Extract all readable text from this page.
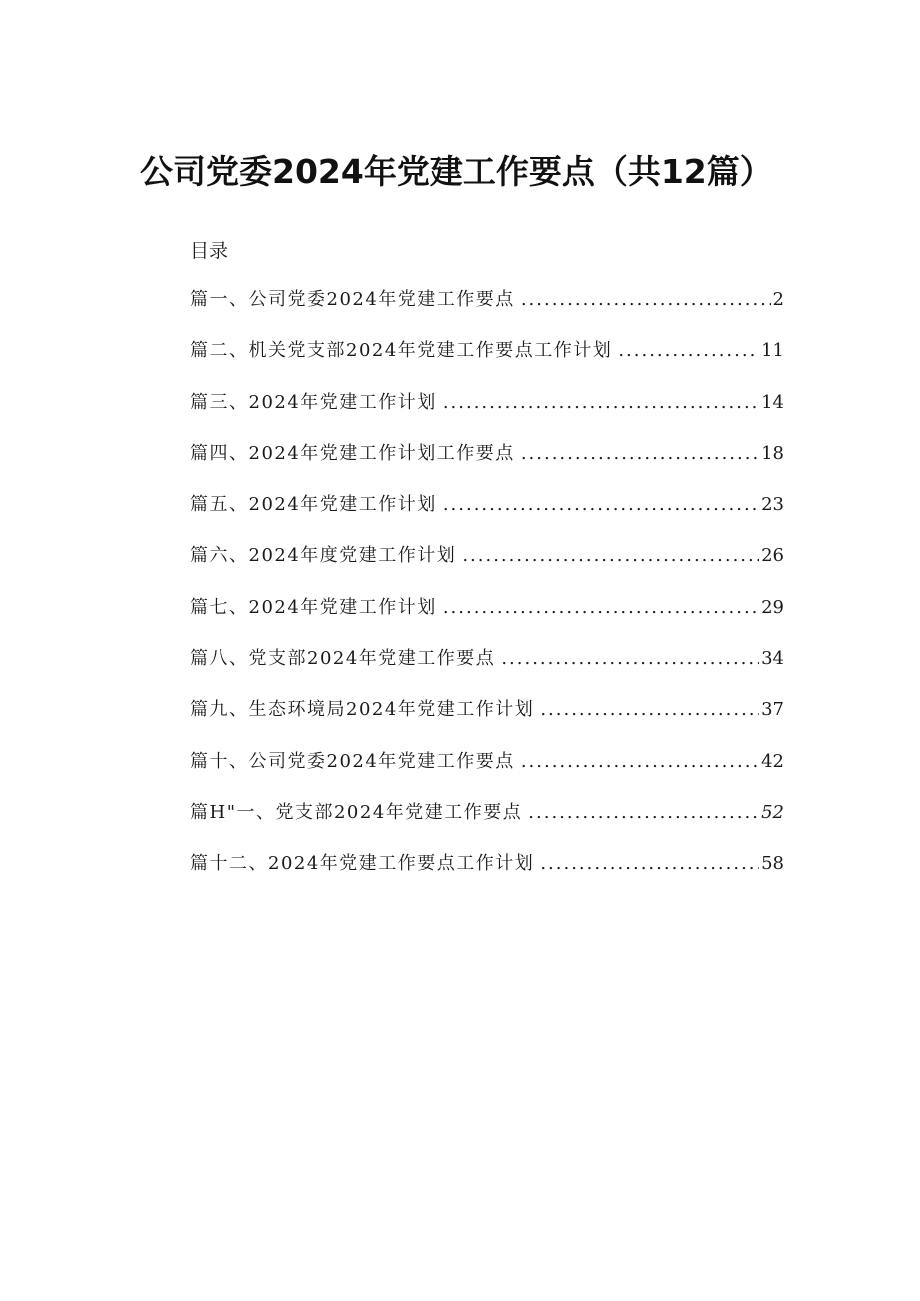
公司党委2024年党建工作要点（共12篇）
目录
篇一、公司党委2024年党建工作要点 .....	2
篇二、机关党支部2024年党建工作要点工作计划 .....	11
篇三、2024年党建工作计划 .....	14
篇四、2024年党建工作计划工作要点 .....	18
篇五、2024年党建工作计划 .....	23
篇六、2024年度党建工作计划 .....	26
篇七、2024年党建工作计划 .....	29
篇八、党支部2024年党建工作要点 .....	34
篇九、生态环境局2024年党建工作计划 .....	37
篇十、公司党委2024年党建工作要点 .....	42
篇H"一、党支部2024年党建工作要点 .....	52
篇十二、2024年党建工作要点工作计划 .....	58
